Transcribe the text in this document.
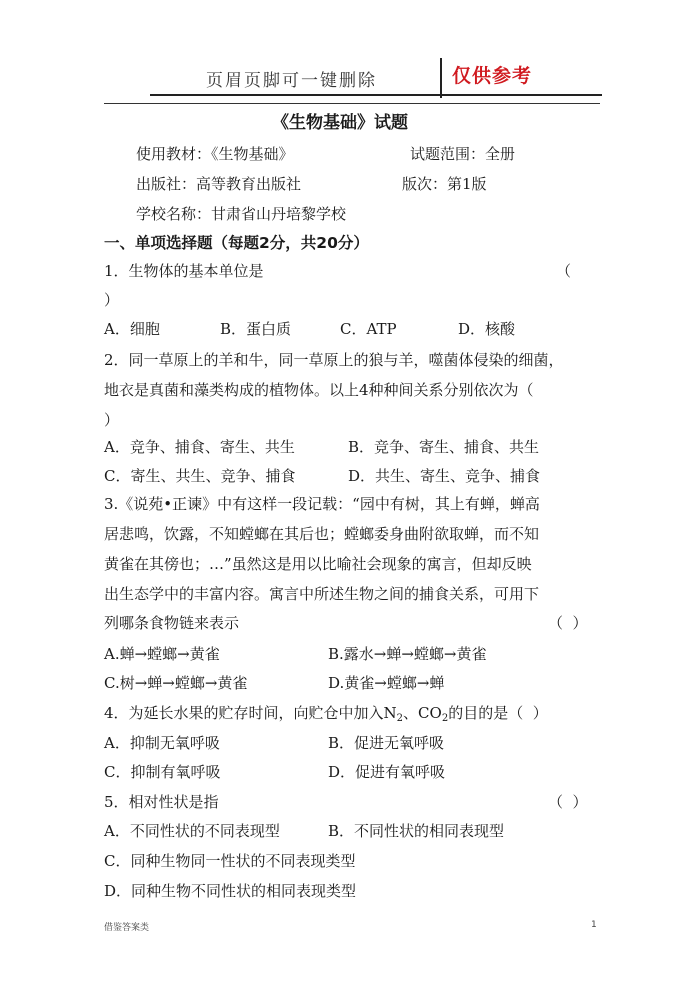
页眉页脚可一键删除	仅供参考
《生物基础》试题
使用教材：《生物基础》	试题范围：全册
出版社：高等教育出版社	版次：第1版
学校名称：甘肃省山丹培黎学校
一、单项选择题（每题2分，共20分）
1．生物体的基本单位是	（
）
A．细胞	B．蛋白质	C．ATP	D．核酸
2．同一草原上的羊和牛，同一草原上的狼与羊，噬菌体侵染的细菌，
地衣是真菌和藻类构成的植物体。以上4种种间关系分别依次为（
）
A．竞争、捕食、寄生、共生	B．竞争、寄生、捕食、共生
C．寄生、共生、竞争、捕食	D．共生、寄生、竞争、捕食
3.《说苑•正谏》中有这样一段记载：“园中有树，其上有蝉，蝉高
居悲鸣，饮露，不知螳螂在其后也；螳螂委身曲附欲取蝉，而不知
黄雀在其傍也；…”虽然这是用以比喻社会现象的寓言，但却反映
出生态学中的丰富内容。寓言中所述生物之间的捕食关系，可用下
列哪条食物链来表示	（  ）
A.蝉→螳螂→黄雀	B.露水→蝉→螳螂→黄雀
C.树→蝉→螳螂→黄雀	D.黄雀→螳螂→蝉
4．为延长水果的贮存时间，向贮仓中加入$N_2$、$CO_2$的目的是（  ）
A．抑制无氧呼吸	B．促进无氧呼吸
C．抑制有氧呼吸	D．促进有氧呼吸
5．相对性状是指	（  ）
A．不同性状的不同表现型	B．不同性状的相同表现型
C．同种生物同一性状的不同表现类型
D．同种生物不同性状的相同表现类型
借鉴答案类	1
